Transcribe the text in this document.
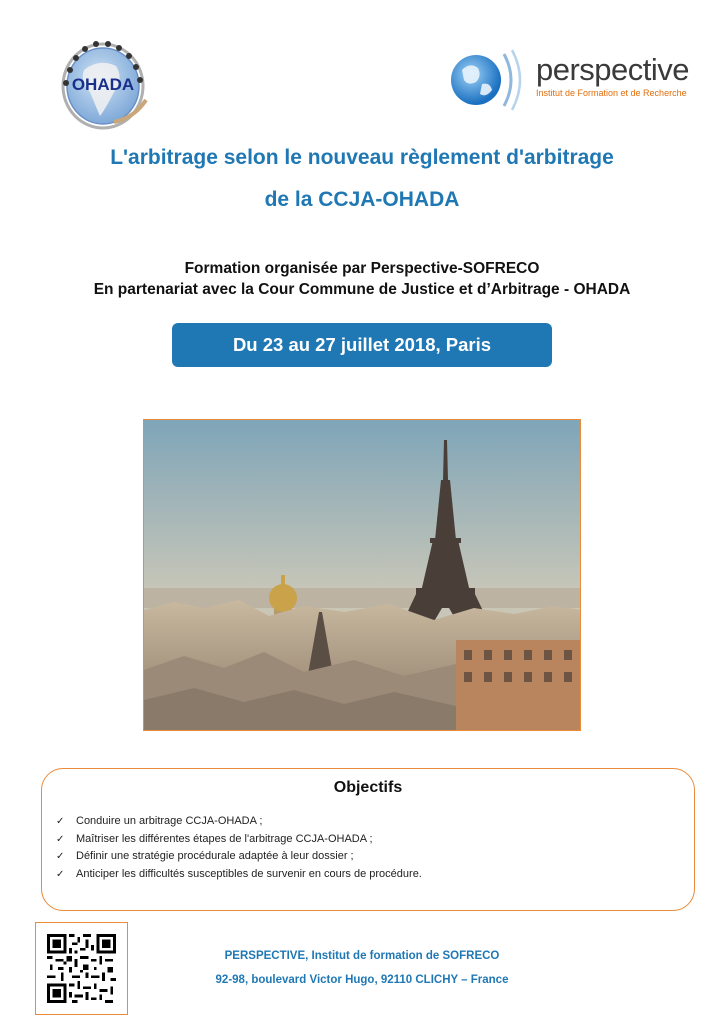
OHADA	perspective
Institut de Formation et de Recherche
L'arbitrage selon le nouveau règlement d'arbitrage
de la CCJA-OHADA
Formation organisée par Perspective-SOFRECO
En partenariat avec la Cour Commune de Justice et d’Arbitrage - OHADA
Du 23 au 27 juillet 2018, Paris
Objectifs
✓ Conduire un arbitrage CCJA-OHADA ;
✓ Maîtriser les différentes étapes de l'arbitrage CCJA-OHADA ;
✓ Définir une stratégie procédurale adaptée à leur dossier ;
✓ Anticiper les difficultés susceptibles de survenir en cours de procédure.
PERSPECTIVE, Institut de formation de SOFRECO
92-98, boulevard Victor Hugo, 92110 CLICHY – France
